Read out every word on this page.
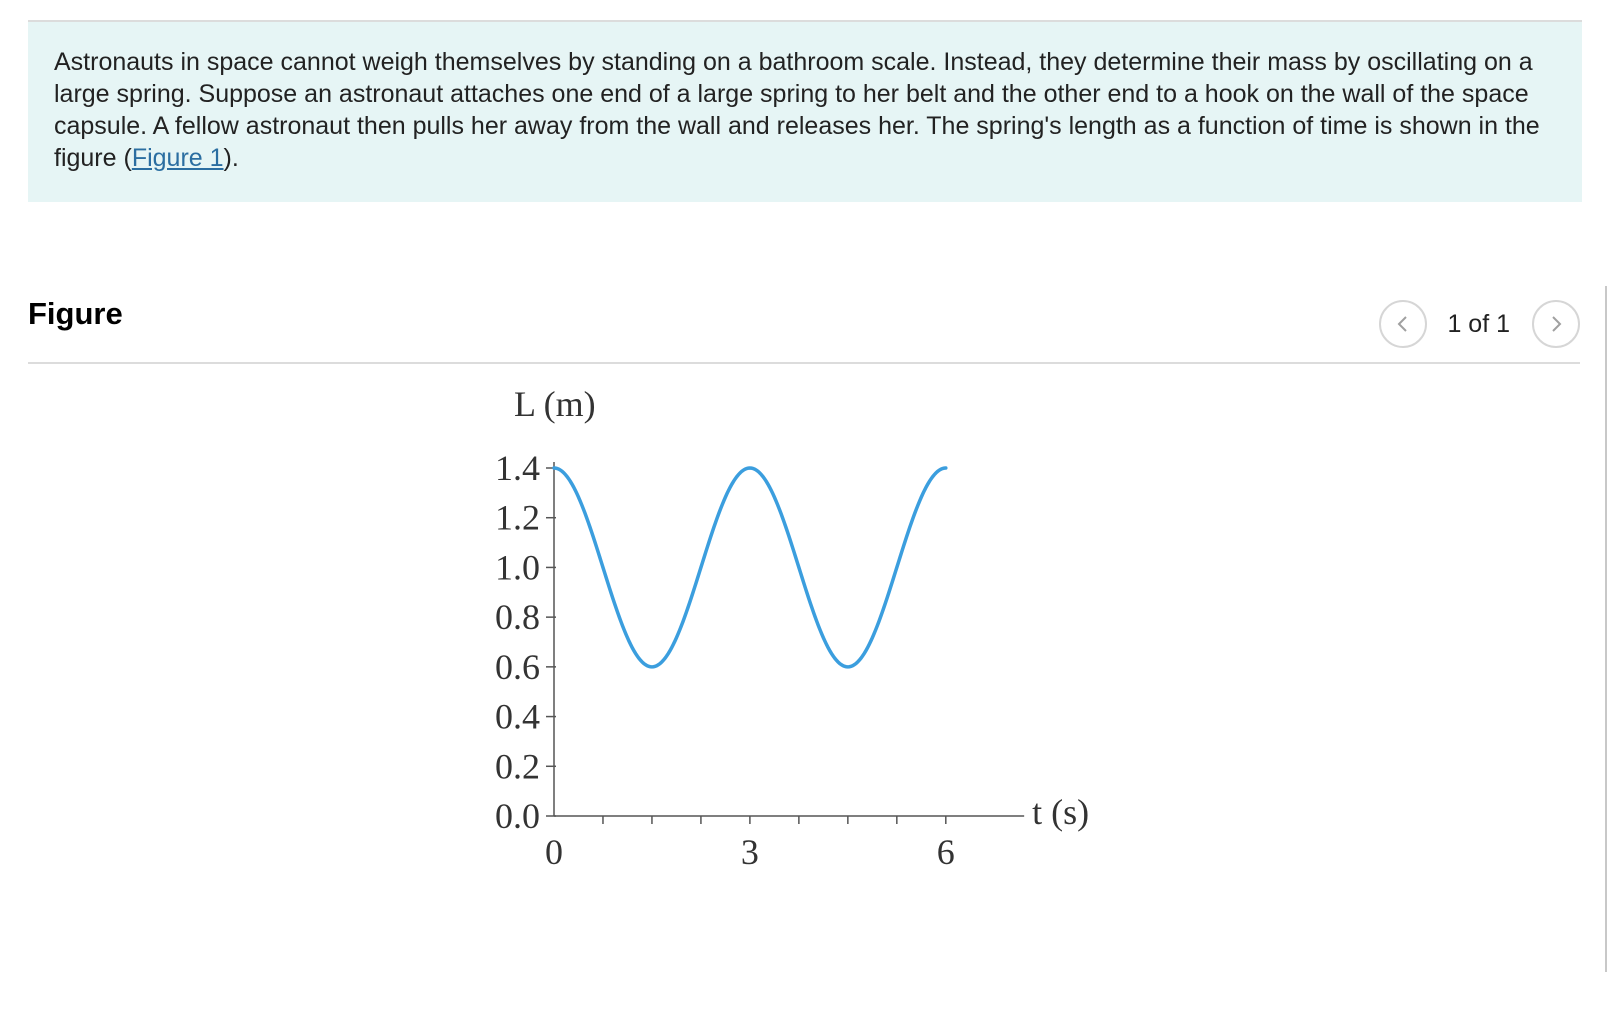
Astronauts in space cannot weigh themselves by standing on a bathroom scale. Instead, they determine their mass by oscillating on a large spring. Suppose an astronaut attaches one end of a large spring to her belt and the other end to a hook on the wall of the space capsule. A fellow astronaut then pulls her away from the wall and releases her. The spring's length as a function of time is shown in the figure (Figure 1).

Figure	1 of 1
1.4
1.2
1.0
0.8
0.6
0.4
0.2
0.0
0	3	6
L (m)
t (s)
